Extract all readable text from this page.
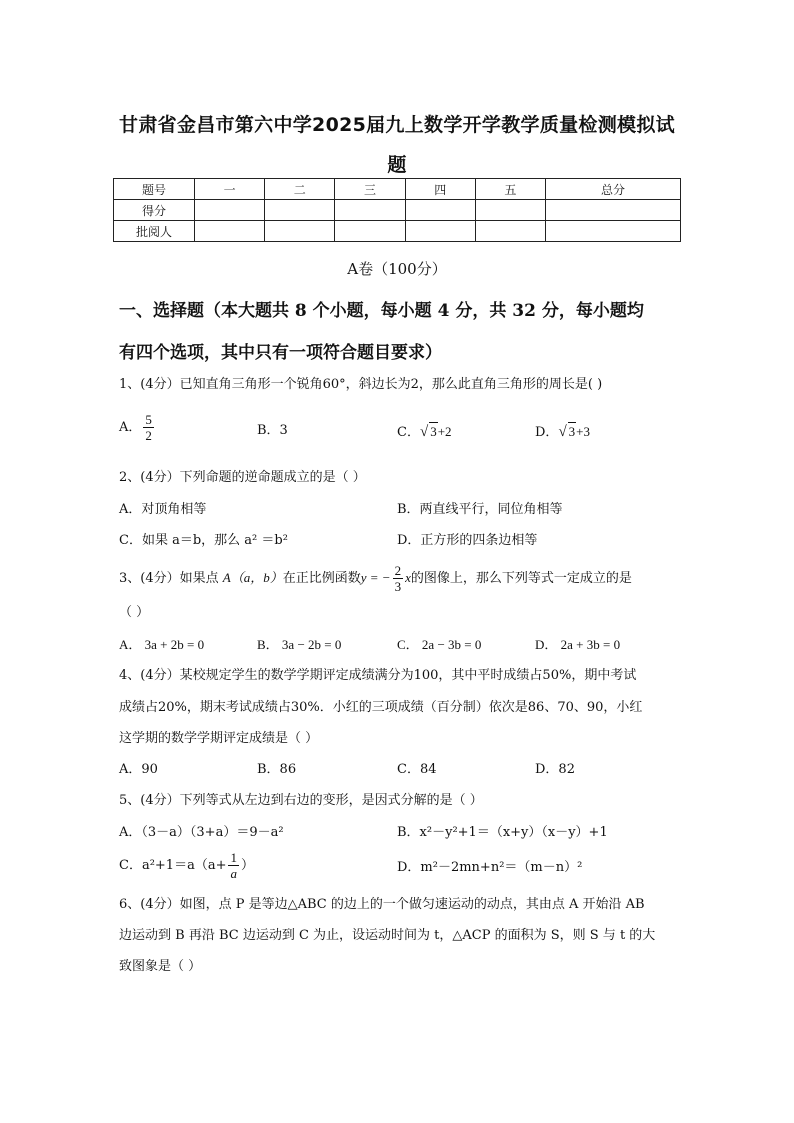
甘肃省金昌市第六中学2025届九上数学开学教学质量检测模拟试
题
题号	一	二	三	四	五	总分
得分						
批阅人						
A卷（100分）
一、选择题（本大题共 8 个小题，每小题 4 分，共 32 分，每小题均
有四个选项，其中只有一项符合题目要求）
1、(4分）已知直角三角形一个锐角60°，斜边长为2，那么此直角三角形的周长是( )
A． $\frac{5}{2}$	B．3	C．√ 3+2	D．√ 3+3
2、(4分）下列命题的逆命题成立的是（ ）
A．对顶角相等	B．两直线平行，同位角相等
C．如果 a＝b，那么 a² ＝b²	D．正方形的四条边相等
3、(4分）如果点 A（a，b）在正比例函数y = − $\frac{2}{3}$ x的图像上，那么下列等式一定成立的是
（ ）
A． 3a + 2b = 0	B． 3a − 2b = 0	C． 2a − 3b = 0	D． 2a + 3b = 0
4、(4分）某校规定学生的数学学期评定成绩满分为100，其中平时成绩占50%，期中考试
成绩占20%，期末考试成绩占30%．小红的三项成绩（百分制）依次是86、70、90，小红
这学期的数学学期评定成绩是（ ）
A．90	B．86	C．84	D．82
5、(4分）下列等式从左边到右边的变形，是因式分解的是（ ）
A．（3－a）（3+a）＝9－a²	B．x²－y²+1＝（x+y）（x－y）+1
C．$a^2+1=a(a+ \frac{1}{a}$ ）	D．m²－2mn+n²＝（m－n）²
6、(4分）如图，点 P 是等边△ABC 的边上的一个做匀速运动的动点，其由点 A 开始沿 AB
边运动到 B 再沿 BC 边运动到 C 为止，设运动时间为 t，△ACP 的面积为 S，则 S 与 t 的大
致图象是（ ）
